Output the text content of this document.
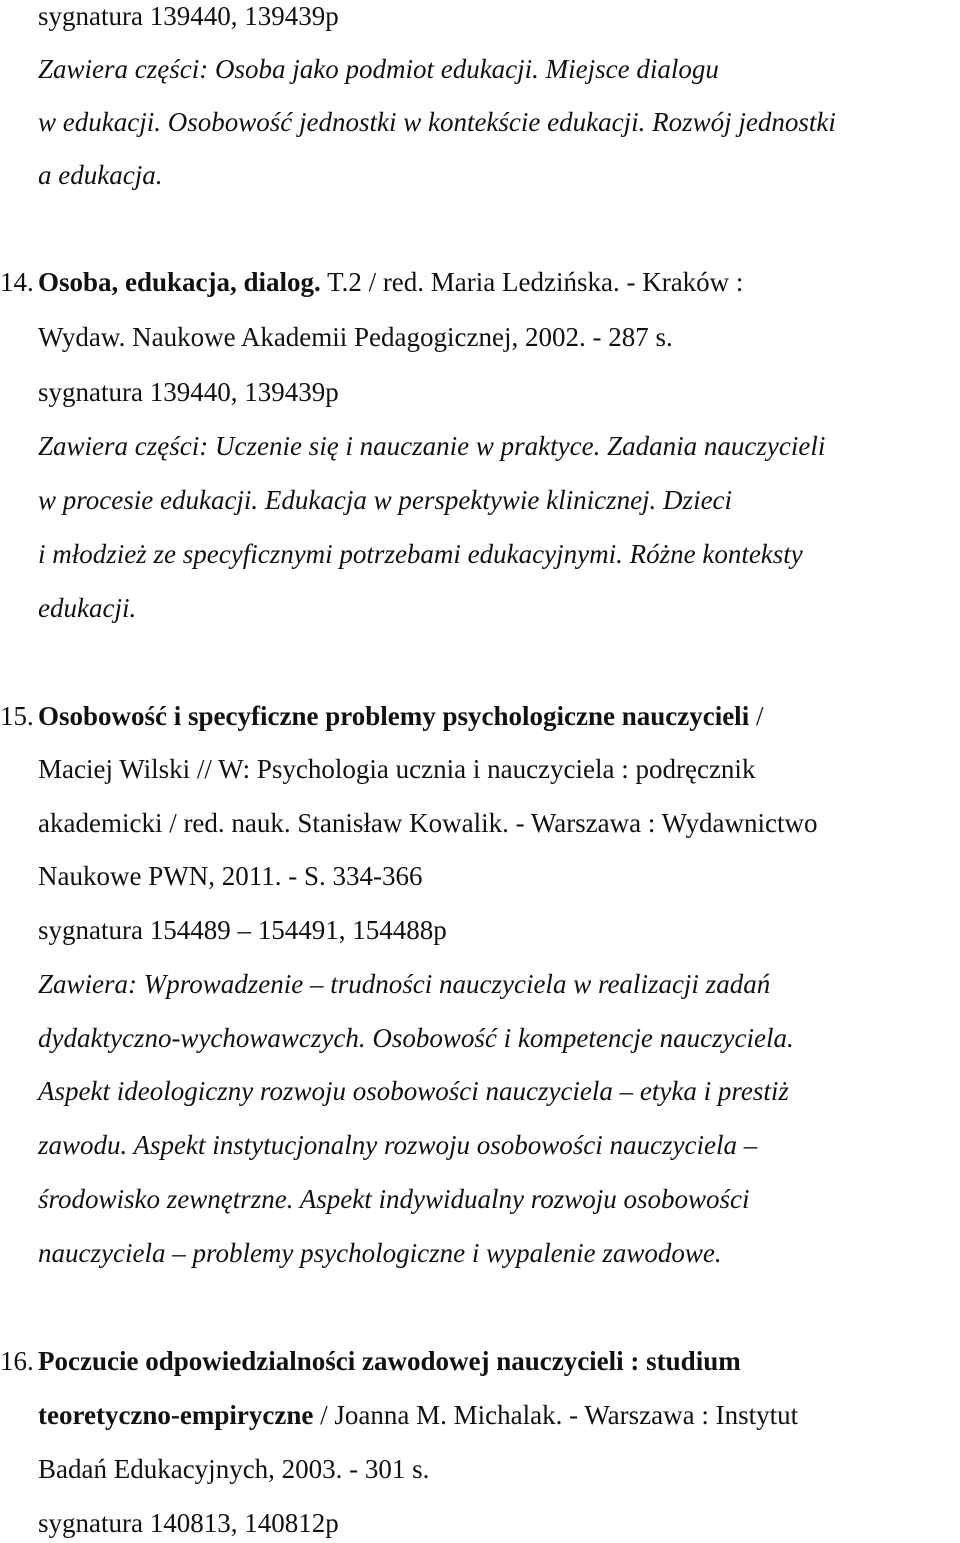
sygnatura 139440, 139439p
Zawiera części: Osoba jako podmiot edukacji. Miejsce dialogu
w edukacji. Osobowość jednostki w kontekście edukacji. Rozwój jednostki
a edukacja.
14. Osoba, edukacja, dialog. T.2 / red. Maria Ledzińska. - Kraków :
Wydaw. Naukowe Akademii Pedagogicznej, 2002. - 287 s.
sygnatura 139440, 139439p
Zawiera części: Uczenie się i nauczanie w praktyce. Zadania nauczycieli
w procesie edukacji. Edukacja w perspektywie klinicznej. Dzieci
i młodzież ze specyficznymi potrzebami edukacyjnymi. Różne konteksty
edukacji.
15. Osobowość i specyficzne problemy psychologiczne nauczycieli /
Maciej Wilski // W: Psychologia ucznia i nauczyciela : podręcznik
akademicki / red. nauk. Stanisław Kowalik. - Warszawa : Wydawnictwo
Naukowe PWN, 2011. - S. 334-366
sygnatura 154489 – 154491, 154488p
Zawiera: Wprowadzenie – trudności nauczyciela w realizacji zadań
dydaktyczno-wychowawczych. Osobowość i kompetencje nauczyciela.
Aspekt ideologiczny rozwoju osobowości nauczyciela – etyka i prestiż
zawodu. Aspekt instytucjonalny rozwoju osobowości nauczyciela –
środowisko zewnętrzne. Aspekt indywidualny rozwoju osobowości
nauczyciela – problemy psychologiczne i wypalenie zawodowe.
16. Poczucie odpowiedzialności zawodowej nauczycieli : studium
teoretyczno-empiryczne / Joanna M. Michalak. - Warszawa : Instytut
Badań Edukacyjnych, 2003. - 301 s.
sygnatura 140813, 140812p
